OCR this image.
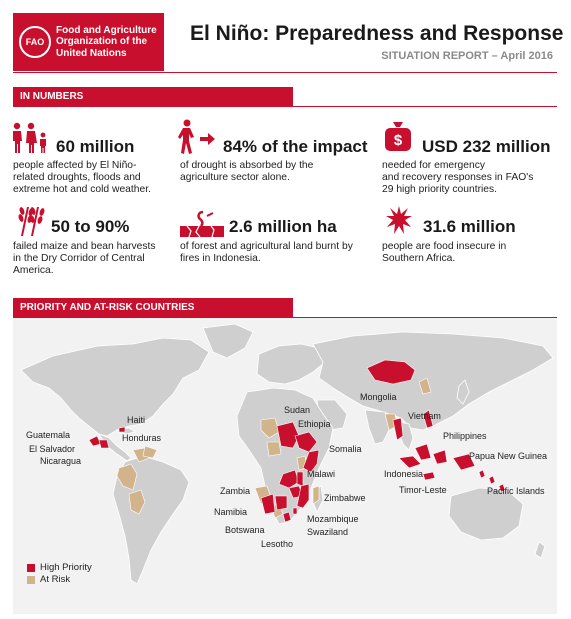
FAO
Food and Agriculture
Organization of the
United Nations
El Niño: Preparedness and Response
SITUATION REPORT – April 2016
IN NUMBERS
60 million
people affected by El Niño-
related droughts, floods and
extreme hot and cold weather.
84% of the impact
of drought is absorbed by the
agriculture sector alone.
$ USD 232 million
needed for emergency
and recovery responses in FAO's
29 high priority countries.
50 to 90%
failed maize and bean harvests
in the Dry Corridor of Central
America.
2.6 million ha
of forest and agricultural land burnt by
fires in Indonesia.
31.6 million
people are food insecure in
Southern Africa.
PRIORITY AND AT-RISK COUNTRIES
Mongolia
Haiti
Sudan
Ethiopia
Vietnam
Guatemala	Honduras
El Salvador
Nicaragua
Somalia
Philippines
Papua New Guinea
Malawi	Indonesia
Zambia
Zimbabwe
Timor-Leste	Pacific Islands
Namibia
Mozambique
Botswana	Swaziland
Lesotho
High Priority
At Risk
